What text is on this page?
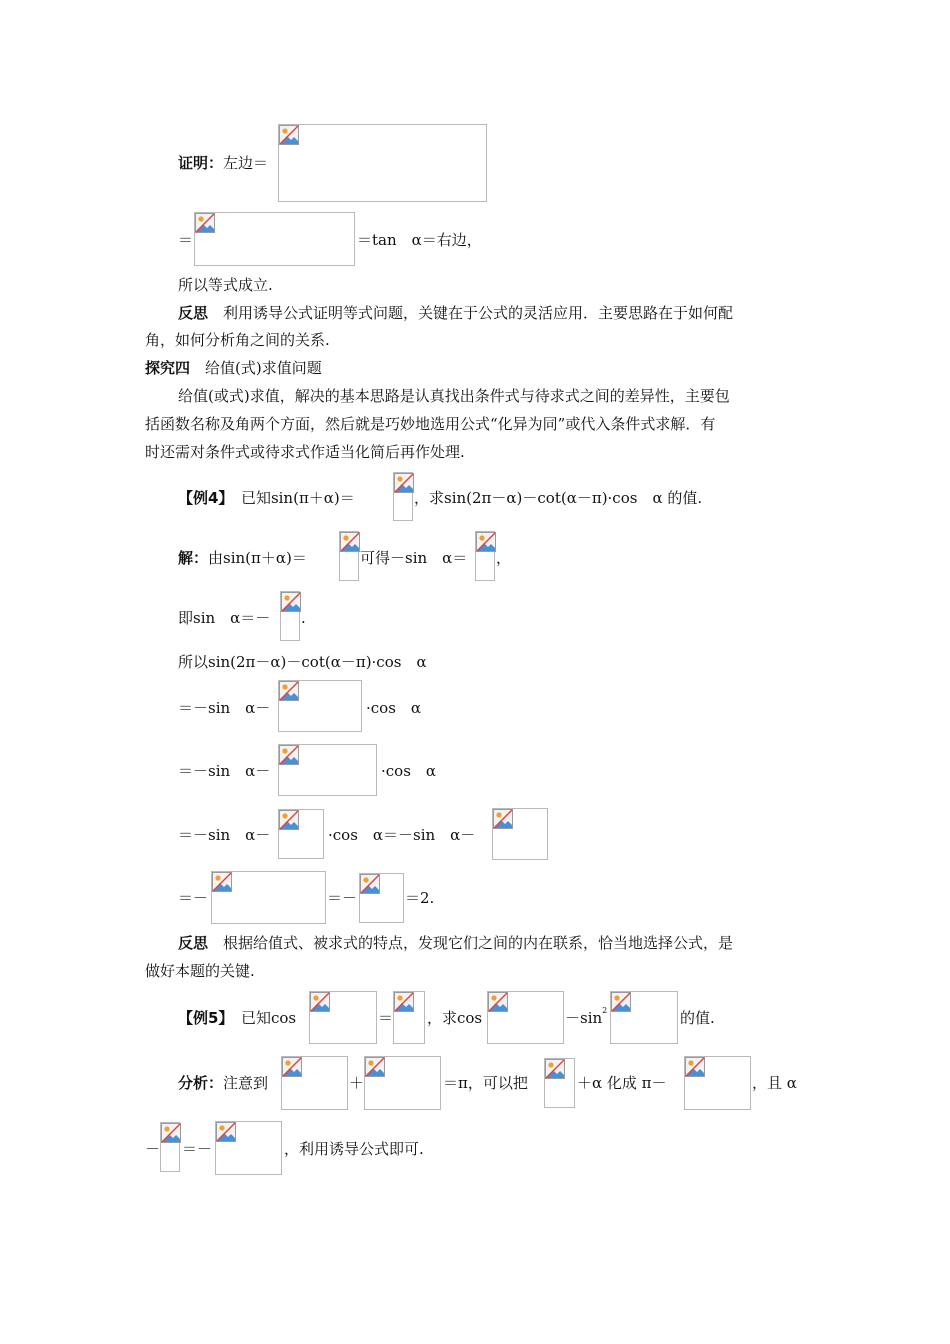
证明：左边＝
＝	＝tan　α＝右边，
所以等式成立.
反思　利用诱导公式证明等式问题，关键在于公式的灵活应用．主要思路在于如何配
角，如何分析角之间的关系.
探究四　给值(式)求值问题
给值(或式)求值，解决的基本思路是认真找出条件式与待求式之间的差异性，主要包
括函数名称及角两个方面，然后就是巧妙地选用公式“化异为同”或代入条件式求解．有
时还需对条件式或待求式作适当化简后再作处理.
【例4】　已知sin(π＋α)＝	，求sin(2π－α)－cot(α－π)·cos　α 的值.
解：由sin(π＋α)＝	可得－sin　α＝ ，
即sin　α＝－ .
所以sin(2π－α)－cot(α－π)·cos　α
＝－sin　α－	·cos　α
＝－sin　α－	·cos　α
＝－sin　α－	·cos　α＝－sin　α－
＝－	＝－	＝2.
反思　根据给值式、被求式的特点，发现它们之间的内在联系，恰当地选择公式，是
做好本题的关键.
【例5】　已知cos	＝ ，求cos	$-\sin^2$	的值.
分析：注意到	＋	＝π，可以把	＋α 化成 π－	，且 α
－ ＝－	，利用诱导公式即可.
